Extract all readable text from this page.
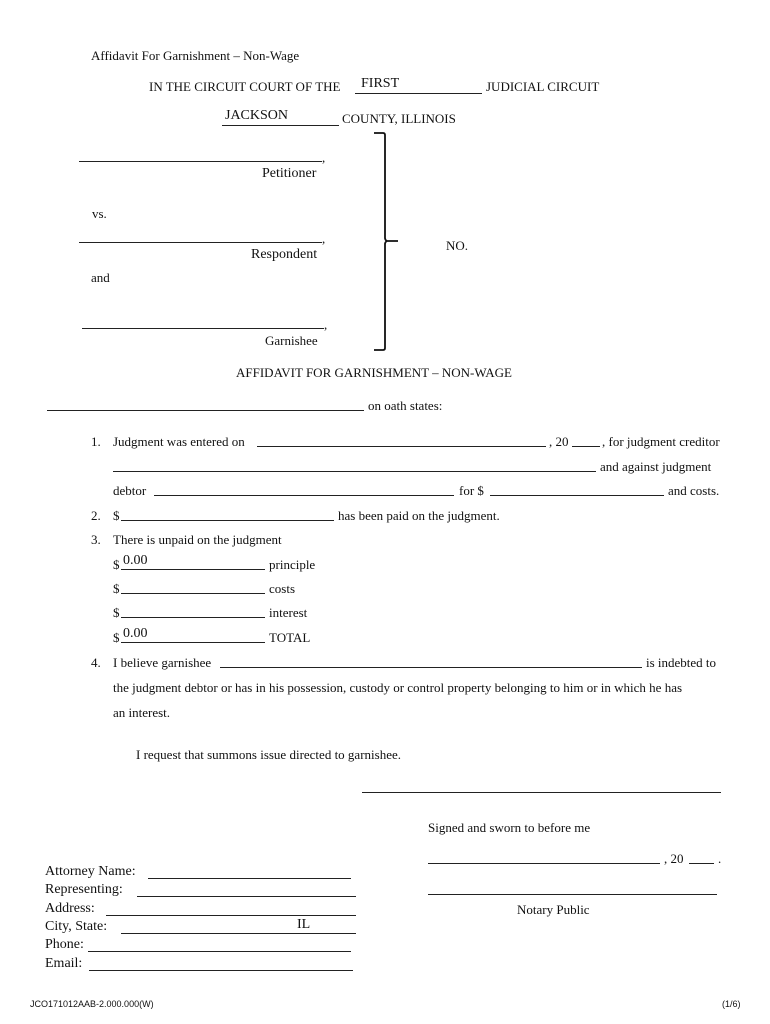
Affidavit For Garnishment – Non-Wage
IN THE CIRCUIT COURT OF THE FIRST	JUDICIAL CIRCUIT
JACKSON	COUNTY, ILLINOIS
,
Petitioner
vs.
,
Respondent
and
,
Garnishee
NO.
AFFIDAVIT FOR GARNISHMENT – NON-WAGE
on oath states:
1. Judgment was entered on	, 20	, for judgment creditor
and against judgment
debtor	for $	and costs.
2. $	has been paid on the judgment.
3. There is unpaid on the judgment
$ 0.00	principle
$	costs
$	interest
$ 0.00	TOTAL
4. I believe garnishee	is indebted to
the judgment debtor or has in his possession, custody or control property belonging to him or in which he has
an interest.
I request that summons issue directed to garnishee.
Signed and sworn to before me
, 20	.
Notary Public
Attorney Name:
Representing:
Address:
City, State:	IL
Phone:
Email:
JCO171012AAB-2.000.000(W)	(1/6)
